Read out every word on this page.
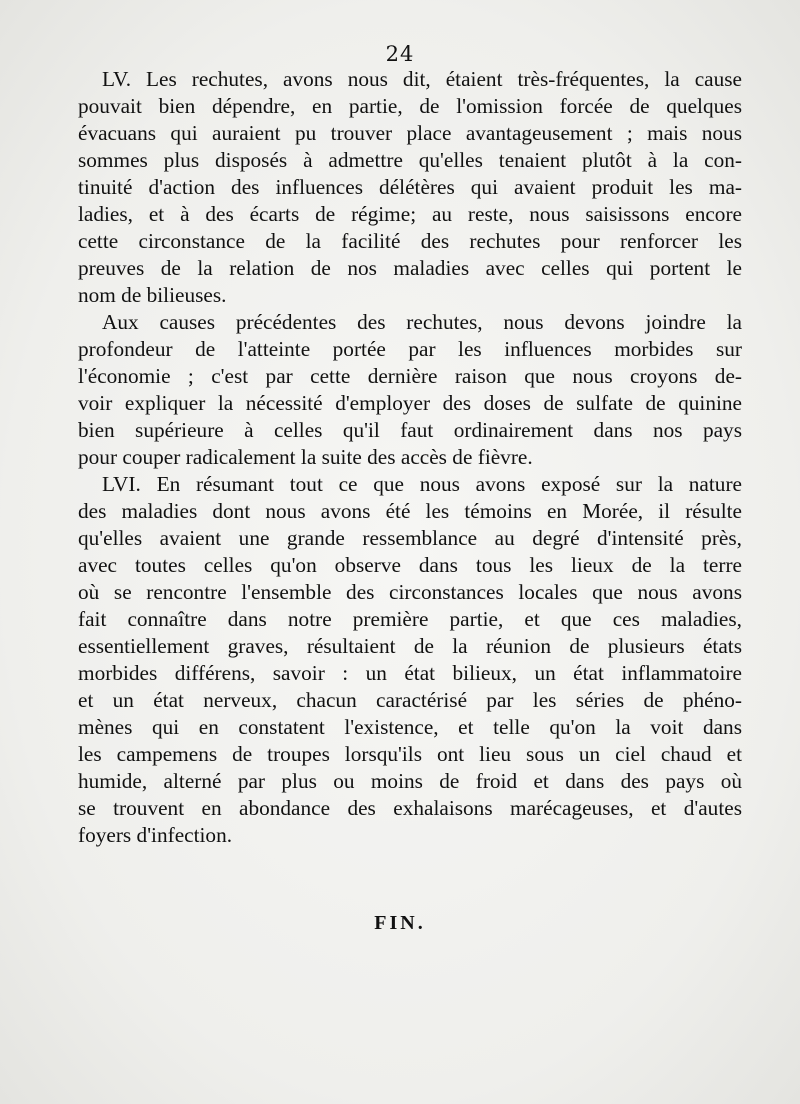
24
LV. Les rechutes, avons nous dit, étaient très-fréquentes, la cause
pouvait bien dépendre, en partie, de l'omission forcée de quelques
évacuans qui auraient pu trouver place avantageusement ; mais nous
sommes plus disposés à admettre qu'elles tenaient plutôt à la con-
tinuité d'action des influences délétères qui avaient produit les ma-
ladies, et à des écarts de régime; au reste, nous saisissons encore
cette circonstance de la facilité des rechutes pour renforcer les
preuves de la relation de nos maladies avec celles qui portent le
nom de bilieuses.
Aux causes précédentes des rechutes, nous devons joindre la
profondeur de l'atteinte portée par les influences morbides sur
l'économie ; c'est par cette dernière raison que nous croyons de-
voir expliquer la nécessité d'employer des doses de sulfate de quinine
bien supérieure à celles qu'il faut ordinairement dans nos pays
pour couper radicalement la suite des accès de fièvre.
LVI. En résumant tout ce que nous avons exposé sur la nature
des maladies dont nous avons été les témoins en Morée, il résulte
qu'elles avaient une grande ressemblance au degré d'intensité près,
avec toutes celles qu'on observe dans tous les lieux de la terre
où se rencontre l'ensemble des circonstances locales que nous avons
fait connaître dans notre première partie, et que ces maladies,
essentiellement graves, résultaient de la réunion de plusieurs états
morbides différens, savoir : un état bilieux, un état inflammatoire
et un état nerveux, chacun caractérisé par les séries de phéno-
mènes qui en constatent l'existence, et telle qu'on la voit dans
les campemens de troupes lorsqu'ils ont lieu sous un ciel chaud et
humide, alterné par plus ou moins de froid et dans des pays où
se trouvent en abondance des exhalaisons marécageuses, et d'autes
foyers d'infection.
FIN.
